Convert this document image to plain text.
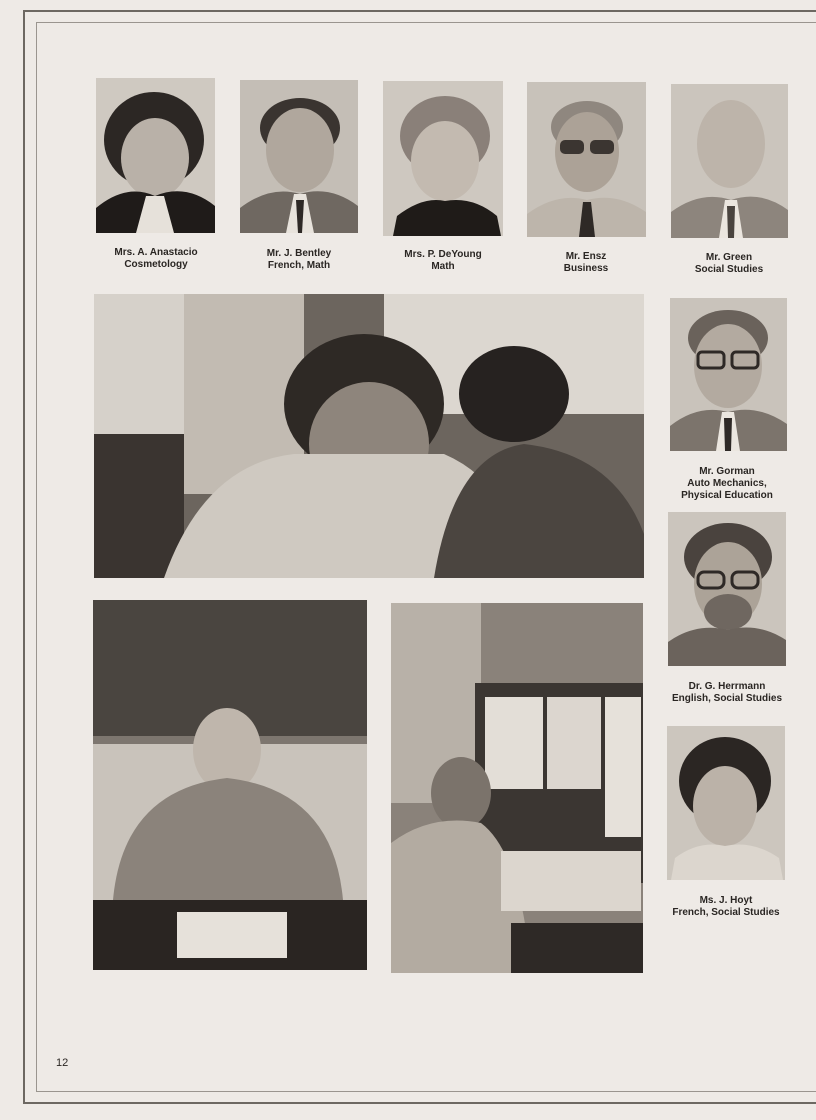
Mrs. A. Anastacio
Cosmetology
Mr. J. Bentley
French, Math
Mrs. P. DeYoung
Math
Mr. Ensz
Business
Mr. Green
Social Studies
Mr. Gorman
Auto Mechanics,
Physical Education
Dr. G. Herrmann
English, Social Studies
Ms. J. Hoyt
French, Social Studies
12
